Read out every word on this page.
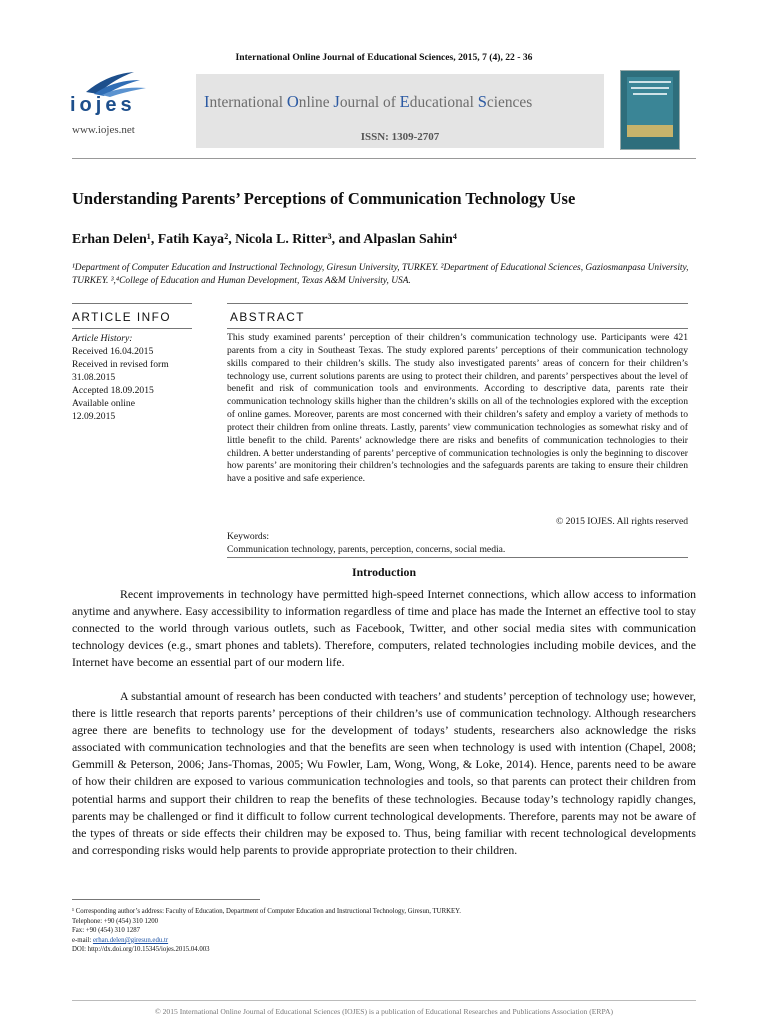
International Online Journal of Educational Sciences, 2015, 7 (4), 22 - 36
iojes
www.iojes.net
International Online Journal of Educational Sciences
ISSN: 1309-2707
Understanding Parents’ Perceptions of Communication Technology Use
Erhan Delen¹, Fatih Kaya², Nicola L. Ritter³, and Alpaslan Sahin⁴
¹Department of Computer Education and Instructional Technology, Giresun University, TURKEY. ²Department of Educational Sciences, Gaziosmanpasa University, TURKEY. ³,⁴College of Education and Human Development, Texas A&M University, USA.
ARTICLE INFO	ABSTRACT
Article History:
Received 16.04.2015
Received in revised form
31.08.2015
Accepted 18.09.2015
Available online
12.09.2015
This study examined parents’ perception of their children’s communication technology use. Participants were 421 parents from a city in Southeast Texas. The study explored parents’ perceptions of their communication technology skills compared to their children’s skills. The study also investigated parents’ areas of concern for their children’s technology use, current solutions parents are using to protect their children, and parents’ perspectives about the level of benefit and risk of communication tools and environments. According to descriptive data, parents rate their communication technology skills higher than the children’s skills on all of the technologies explored with the exception of online games. Moreover, parents are most concerned with their children’s safety and employ a variety of methods to protect their children from online threats. Lastly, parents’ view communication technologies as somewhat risky and of little benefit to the child. Parents’ acknowledge there are risks and benefits of communication technologies to their children. A better understanding of parents’ perceptive of communication technologies is only the beginning to discover how parents’ are monitoring their children’s technologies and the safeguards parents are taking to ensure their children have a positive and safe experience.
© 2015 IOJES. All rights reserved
Keywords:
Communication technology, parents, perception, concerns, social media.
Introduction
Recent improvements in technology have permitted high-speed Internet connections, which allow access to information anytime and anywhere. Easy accessibility to information regardless of time and place has made the Internet an effective tool to stay connected to the world through various outlets, such as Facebook, Twitter, and other social media sites with communication technology devices (e.g., smart phones and tablets). Therefore, computers, related technologies including mobile devices, and the Internet have become an essential part of our modern life.
A substantial amount of research has been conducted with teachers’ and students’ perception of technology use; however, there is little research that reports parents’ perceptions of their children’s use of communication technology. Although researchers agree there are benefits to technology use for the development of todays’ students, researchers also acknowledge the risks associated with communication technologies and that the benefits are seen when technology is used with intention (Chapel, 2008; Gemmill & Peterson, 2006; Jans-Thomas, 2005; Wu Fowler, Lam, Wong, Wong, & Loke, 2014). Hence, parents need to be aware of how their children are exposed to various communication technologies and tools, so that parents can protect their children from potential harms and support their children to reap the benefits of these technologies. Because today’s technology rapidly changes, parents may be challenged or find it difficult to follow current technological developments. Therefore, parents may not be aware of the types of threats or side effects their children may be exposed to. Thus, being familiar with recent technological developments and corresponding risks would help parents to provide appropriate protection to their children.
¹ Corresponding author’s address: Faculty of Education, Department of Computer Education and Instructional Technology, Giresun, TURKEY.
Telephone: +90 (454) 310 1200
Fax: +90 (454) 310 1287
e-mail: erhan.delen@giresun.edu.tr
DOI: http://dx.doi.org/10.15345/iojes.2015.04.003
© 2015 International Online Journal of Educational Sciences (IOJES) is a publication of Educational Researches and Publications Association (ERPA)
